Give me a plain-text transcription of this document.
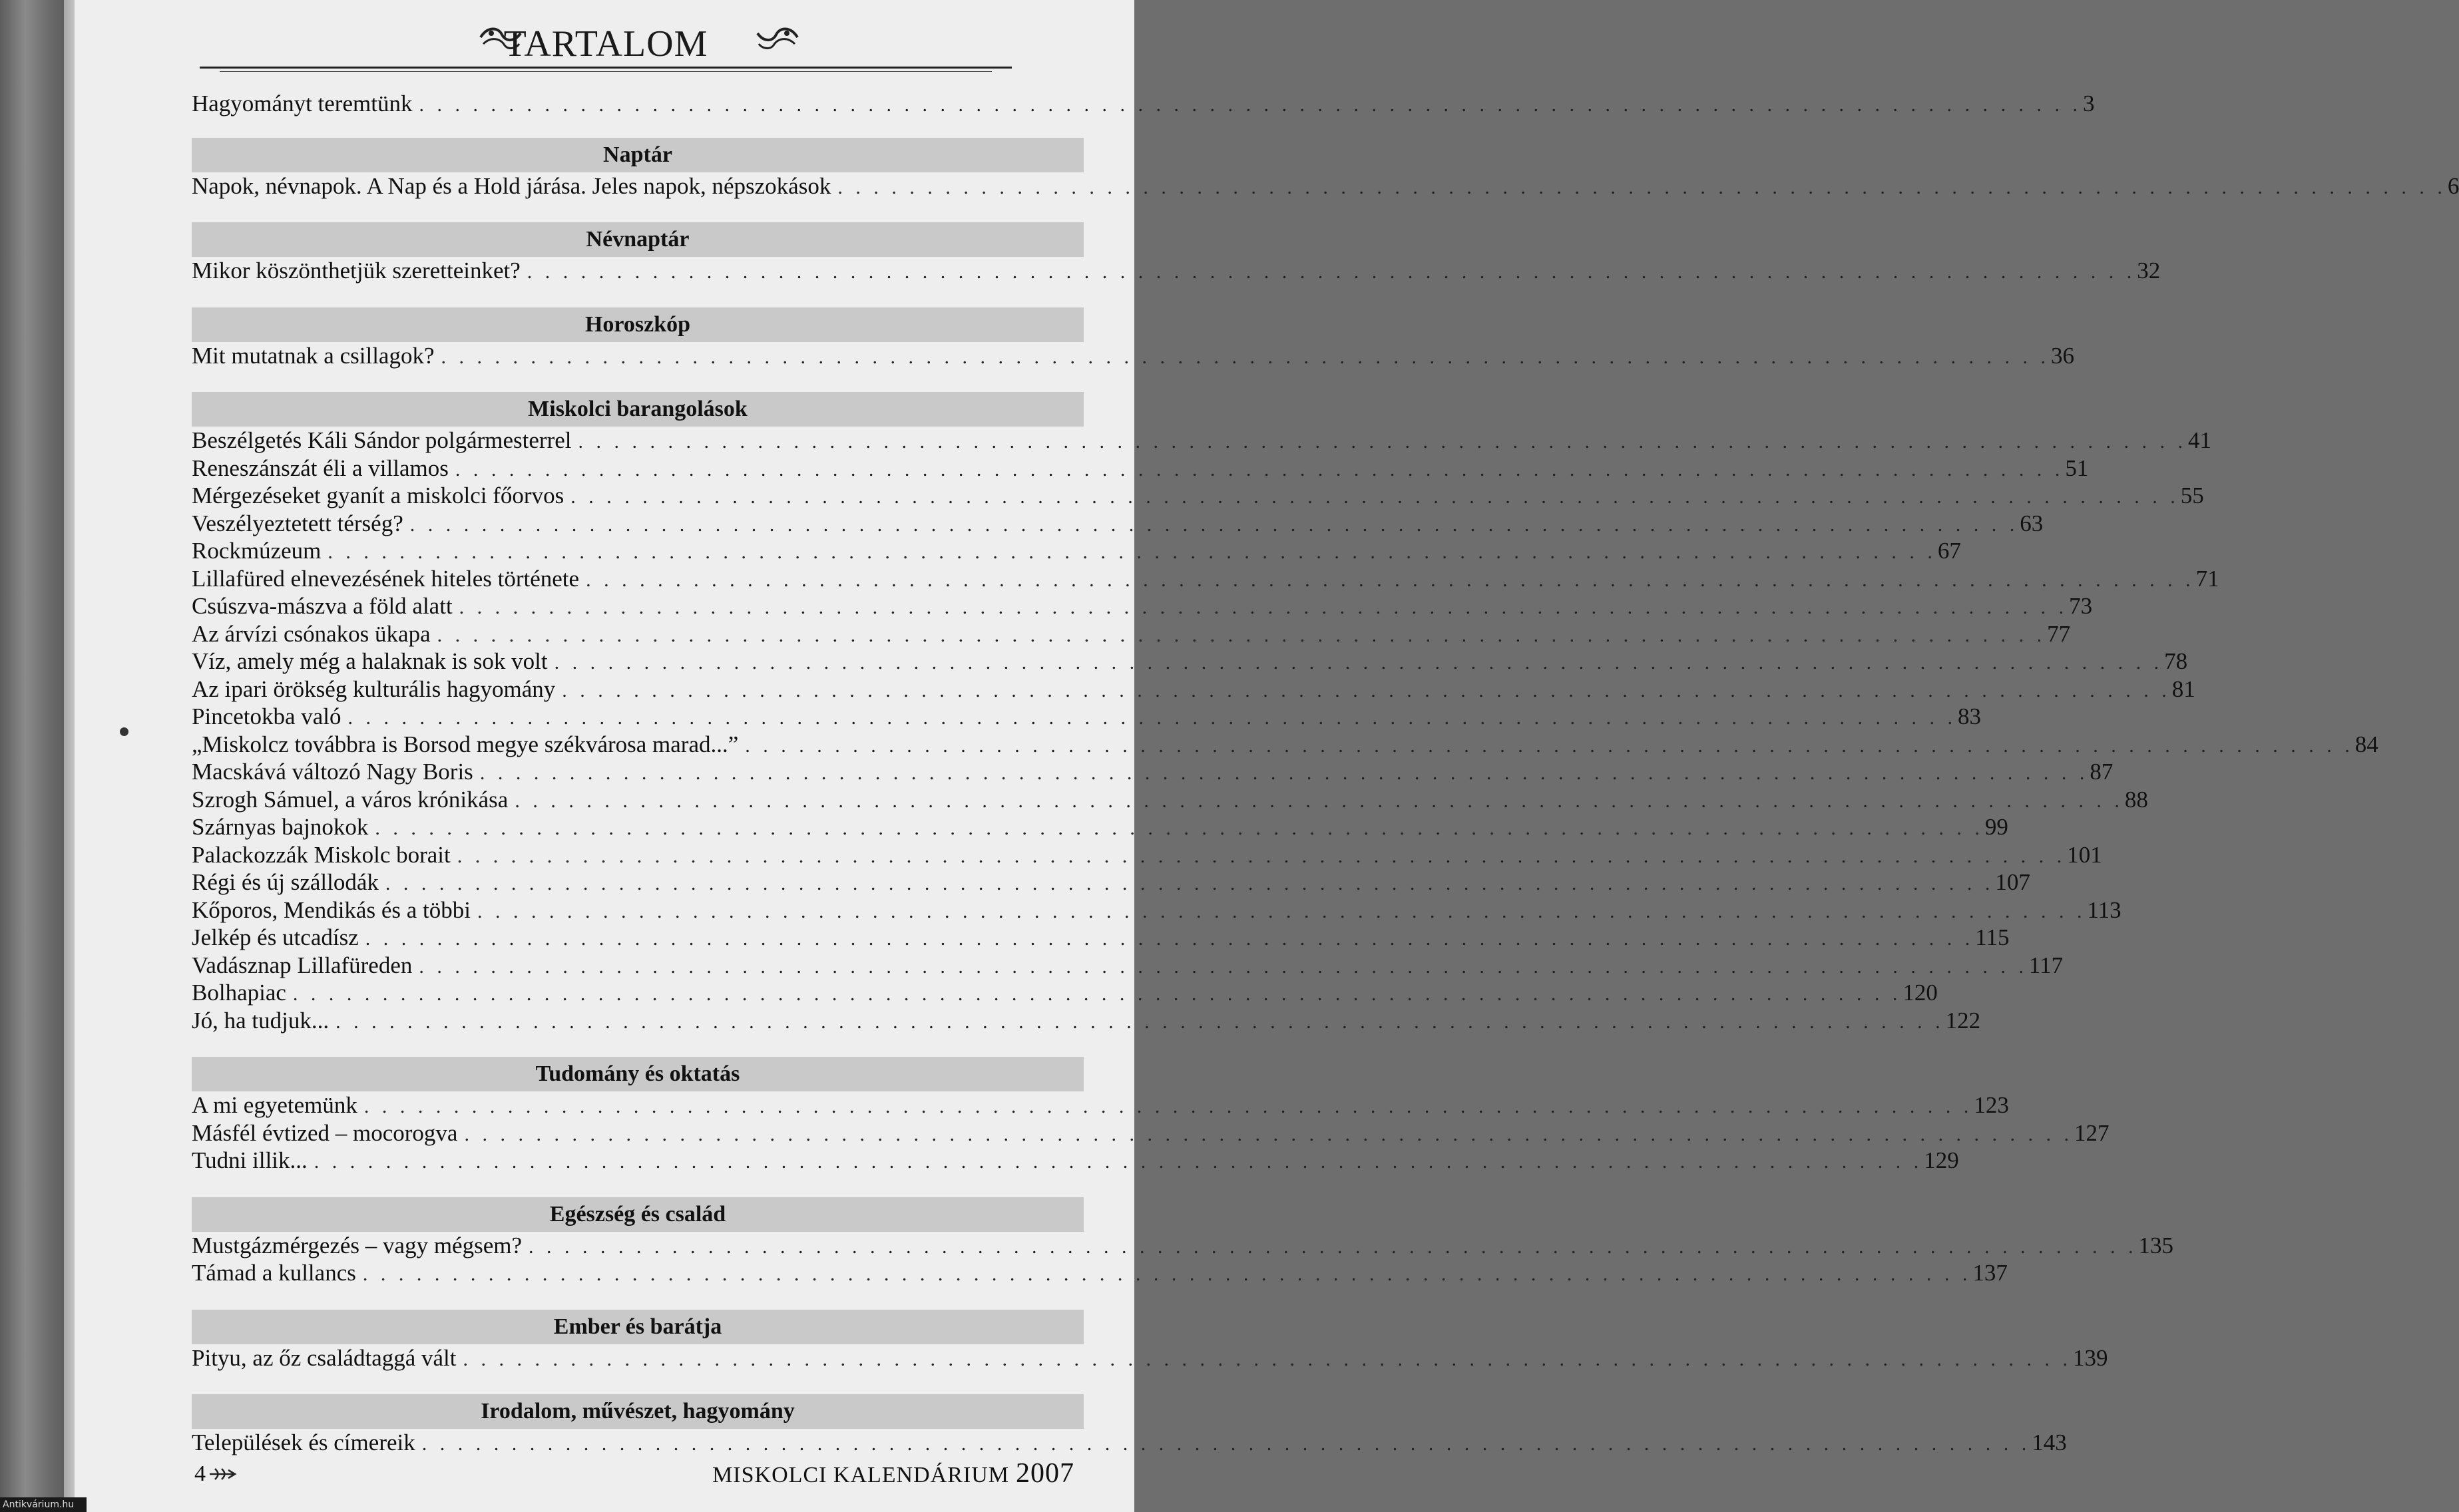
TARTALOM
Hagyományt teremtünk . . . . . . . . . . . . . . . . . . . . . . . . . . . . . . . . . . . . . . . . . . . . . . . . . . . . . . . . . . . . . . . . . . . . . . . . . . . . . . . . . . . . . . . . . . . . . 3
Naptár
Napok, névnapok. A Nap és a Hold járása. Jeles napok, népszokások . . . . . . . . . . . . . . . . . . . . . . . . . . . . . . . . . . . . . . . . . . . . . . . . . . . . . . . . . . . . . . . . . . . . . . . . . . . . . . . . . . . . . . . . . . 6
Névnaptár
Mikor köszönthetjük szeretteinket? . . . . . . . . . . . . . . . . . . . . . . . . . . . . . . . . . . . . . . . . . . . . . . . . . . . . . . . . . . . . . . . . . . . . . . . . . . . . . . . . . . . . . . . . . . 32
Horoszkóp
Mit mutatnak a csillagok? . . . . . . . . . . . . . . . . . . . . . . . . . . . . . . . . . . . . . . . . . . . . . . . . . . . . . . . . . . . . . . . . . . . . . . . . . . . . . . . . . . . . . . . . . . 36
Miskolci barangolások
Beszélgetés Káli Sándor polgármesterrel . . . . . . . . . . . . . . . . . . . . . . . . . . . . . . . . . . . . . . . . . . . . . . . . . . . . . . . . . . . . . . . . . . . . . . . . . . . . . . . . . . . . . . . . . . 41
Reneszánszát éli a villamos . . . . . . . . . . . . . . . . . . . . . . . . . . . . . . . . . . . . . . . . . . . . . . . . . . . . . . . . . . . . . . . . . . . . . . . . . . . . . . . . . . . . . . . . . . 51
Mérgezéseket gyanít a miskolci főorvos . . . . . . . . . . . . . . . . . . . . . . . . . . . . . . . . . . . . . . . . . . . . . . . . . . . . . . . . . . . . . . . . . . . . . . . . . . . . . . . . . . . . . . . . . . 55
Veszélyeztetett térség? . . . . . . . . . . . . . . . . . . . . . . . . . . . . . . . . . . . . . . . . . . . . . . . . . . . . . . . . . . . . . . . . . . . . . . . . . . . . . . . . . . . . . . . . . . 63
Rockmúzeum . . . . . . . . . . . . . . . . . . . . . . . . . . . . . . . . . . . . . . . . . . . . . . . . . . . . . . . . . . . . . . . . . . . . . . . . . . . . . . . . . . . . . . . . . . 67
Lillafüred elnevezésének hiteles története . . . . . . . . . . . . . . . . . . . . . . . . . . . . . . . . . . . . . . . . . . . . . . . . . . . . . . . . . . . . . . . . . . . . . . . . . . . . . . . . . . . . . . . . . . 71
Csúszva-mászva a föld alatt . . . . . . . . . . . . . . . . . . . . . . . . . . . . . . . . . . . . . . . . . . . . . . . . . . . . . . . . . . . . . . . . . . . . . . . . . . . . . . . . . . . . . . . . . . 73
Az árvízi csónakos ükapa . . . . . . . . . . . . . . . . . . . . . . . . . . . . . . . . . . . . . . . . . . . . . . . . . . . . . . . . . . . . . . . . . . . . . . . . . . . . . . . . . . . . . . . . . . 77
Víz, amely még a halaknak is sok volt . . . . . . . . . . . . . . . . . . . . . . . . . . . . . . . . . . . . . . . . . . . . . . . . . . . . . . . . . . . . . . . . . . . . . . . . . . . . . . . . . . . . . . . . . . 78
Az ipari örökség kulturális hagyomány . . . . . . . . . . . . . . . . . . . . . . . . . . . . . . . . . . . . . . . . . . . . . . . . . . . . . . . . . . . . . . . . . . . . . . . . . . . . . . . . . . . . . . . . . . 81
Pincetokba való . . . . . . . . . . . . . . . . . . . . . . . . . . . . . . . . . . . . . . . . . . . . . . . . . . . . . . . . . . . . . . . . . . . . . . . . . . . . . . . . . . . . . . . . . . 83
„Miskolcz továbbra is Borsod megye székvárosa marad...” . . . . . . . . . . . . . . . . . . . . . . . . . . . . . . . . . . . . . . . . . . . . . . . . . . . . . . . . . . . . . . . . . . . . . . . . . . . . . . . . . . . . . . . . . . 84
Macskává változó Nagy Boris . . . . . . . . . . . . . . . . . . . . . . . . . . . . . . . . . . . . . . . . . . . . . . . . . . . . . . . . . . . . . . . . . . . . . . . . . . . . . . . . . . . . . . . . . . 87
Szrogh Sámuel, a város krónikása . . . . . . . . . . . . . . . . . . . . . . . . . . . . . . . . . . . . . . . . . . . . . . . . . . . . . . . . . . . . . . . . . . . . . . . . . . . . . . . . . . . . . . . . . . 88
Szárnyas bajnokok . . . . . . . . . . . . . . . . . . . . . . . . . . . . . . . . . . . . . . . . . . . . . . . . . . . . . . . . . . . . . . . . . . . . . . . . . . . . . . . . . . . . . . . . . . 99
Palackozzák Miskolc borait . . . . . . . . . . . . . . . . . . . . . . . . . . . . . . . . . . . . . . . . . . . . . . . . . . . . . . . . . . . . . . . . . . . . . . . . . . . . . . . . . . . . . . . . . . 101
Régi és új szállodák . . . . . . . . . . . . . . . . . . . . . . . . . . . . . . . . . . . . . . . . . . . . . . . . . . . . . . . . . . . . . . . . . . . . . . . . . . . . . . . . . . . . . . . . . . 107
Kőporos, Mendikás és a többi . . . . . . . . . . . . . . . . . . . . . . . . . . . . . . . . . . . . . . . . . . . . . . . . . . . . . . . . . . . . . . . . . . . . . . . . . . . . . . . . . . . . . . . . . . 113
Jelkép és utcadísz . . . . . . . . . . . . . . . . . . . . . . . . . . . . . . . . . . . . . . . . . . . . . . . . . . . . . . . . . . . . . . . . . . . . . . . . . . . . . . . . . . . . . . . . . . 115
Vadásznap Lillafüreden . . . . . . . . . . . . . . . . . . . . . . . . . . . . . . . . . . . . . . . . . . . . . . . . . . . . . . . . . . . . . . . . . . . . . . . . . . . . . . . . . . . . . . . . . . 117
Bolhapiac . . . . . . . . . . . . . . . . . . . . . . . . . . . . . . . . . . . . . . . . . . . . . . . . . . . . . . . . . . . . . . . . . . . . . . . . . . . . . . . . . . . . . . . . . . 120
Jó, ha tudjuk... . . . . . . . . . . . . . . . . . . . . . . . . . . . . . . . . . . . . . . . . . . . . . . . . . . . . . . . . . . . . . . . . . . . . . . . . . . . . . . . . . . . . . . . . . . 122
Tudomány és oktatás
A mi egyetemünk . . . . . . . . . . . . . . . . . . . . . . . . . . . . . . . . . . . . . . . . . . . . . . . . . . . . . . . . . . . . . . . . . . . . . . . . . . . . . . . . . . . . . . . . . . 123
Másfél évtized – mocorogva . . . . . . . . . . . . . . . . . . . . . . . . . . . . . . . . . . . . . . . . . . . . . . . . . . . . . . . . . . . . . . . . . . . . . . . . . . . . . . . . . . . . . . . . . . 127
Tudni illik... . . . . . . . . . . . . . . . . . . . . . . . . . . . . . . . . . . . . . . . . . . . . . . . . . . . . . . . . . . . . . . . . . . . . . . . . . . . . . . . . . . . . . . . . . . 129
Egészség és család
Mustgázmérgezés – vagy mégsem? . . . . . . . . . . . . . . . . . . . . . . . . . . . . . . . . . . . . . . . . . . . . . . . . . . . . . . . . . . . . . . . . . . . . . . . . . . . . . . . . . . . . . . . . . . 135
Támad a kullancs . . . . . . . . . . . . . . . . . . . . . . . . . . . . . . . . . . . . . . . . . . . . . . . . . . . . . . . . . . . . . . . . . . . . . . . . . . . . . . . . . . . . . . . . . . 137
Ember és barátja
Pityu, az őz családtaggá vált . . . . . . . . . . . . . . . . . . . . . . . . . . . . . . . . . . . . . . . . . . . . . . . . . . . . . . . . . . . . . . . . . . . . . . . . . . . . . . . . . . . . . . . . . . 139
Irodalom, művészet, hagyomány
Települések és címereik . . . . . . . . . . . . . . . . . . . . . . . . . . . . . . . . . . . . . . . . . . . . . . . . . . . . . . . . . . . . . . . . . . . . . . . . . . . . . . . . . . . . . . . . . . 143
4	MISKOLCI KALENDÁRIUM 2007
Antikvárium.hu
